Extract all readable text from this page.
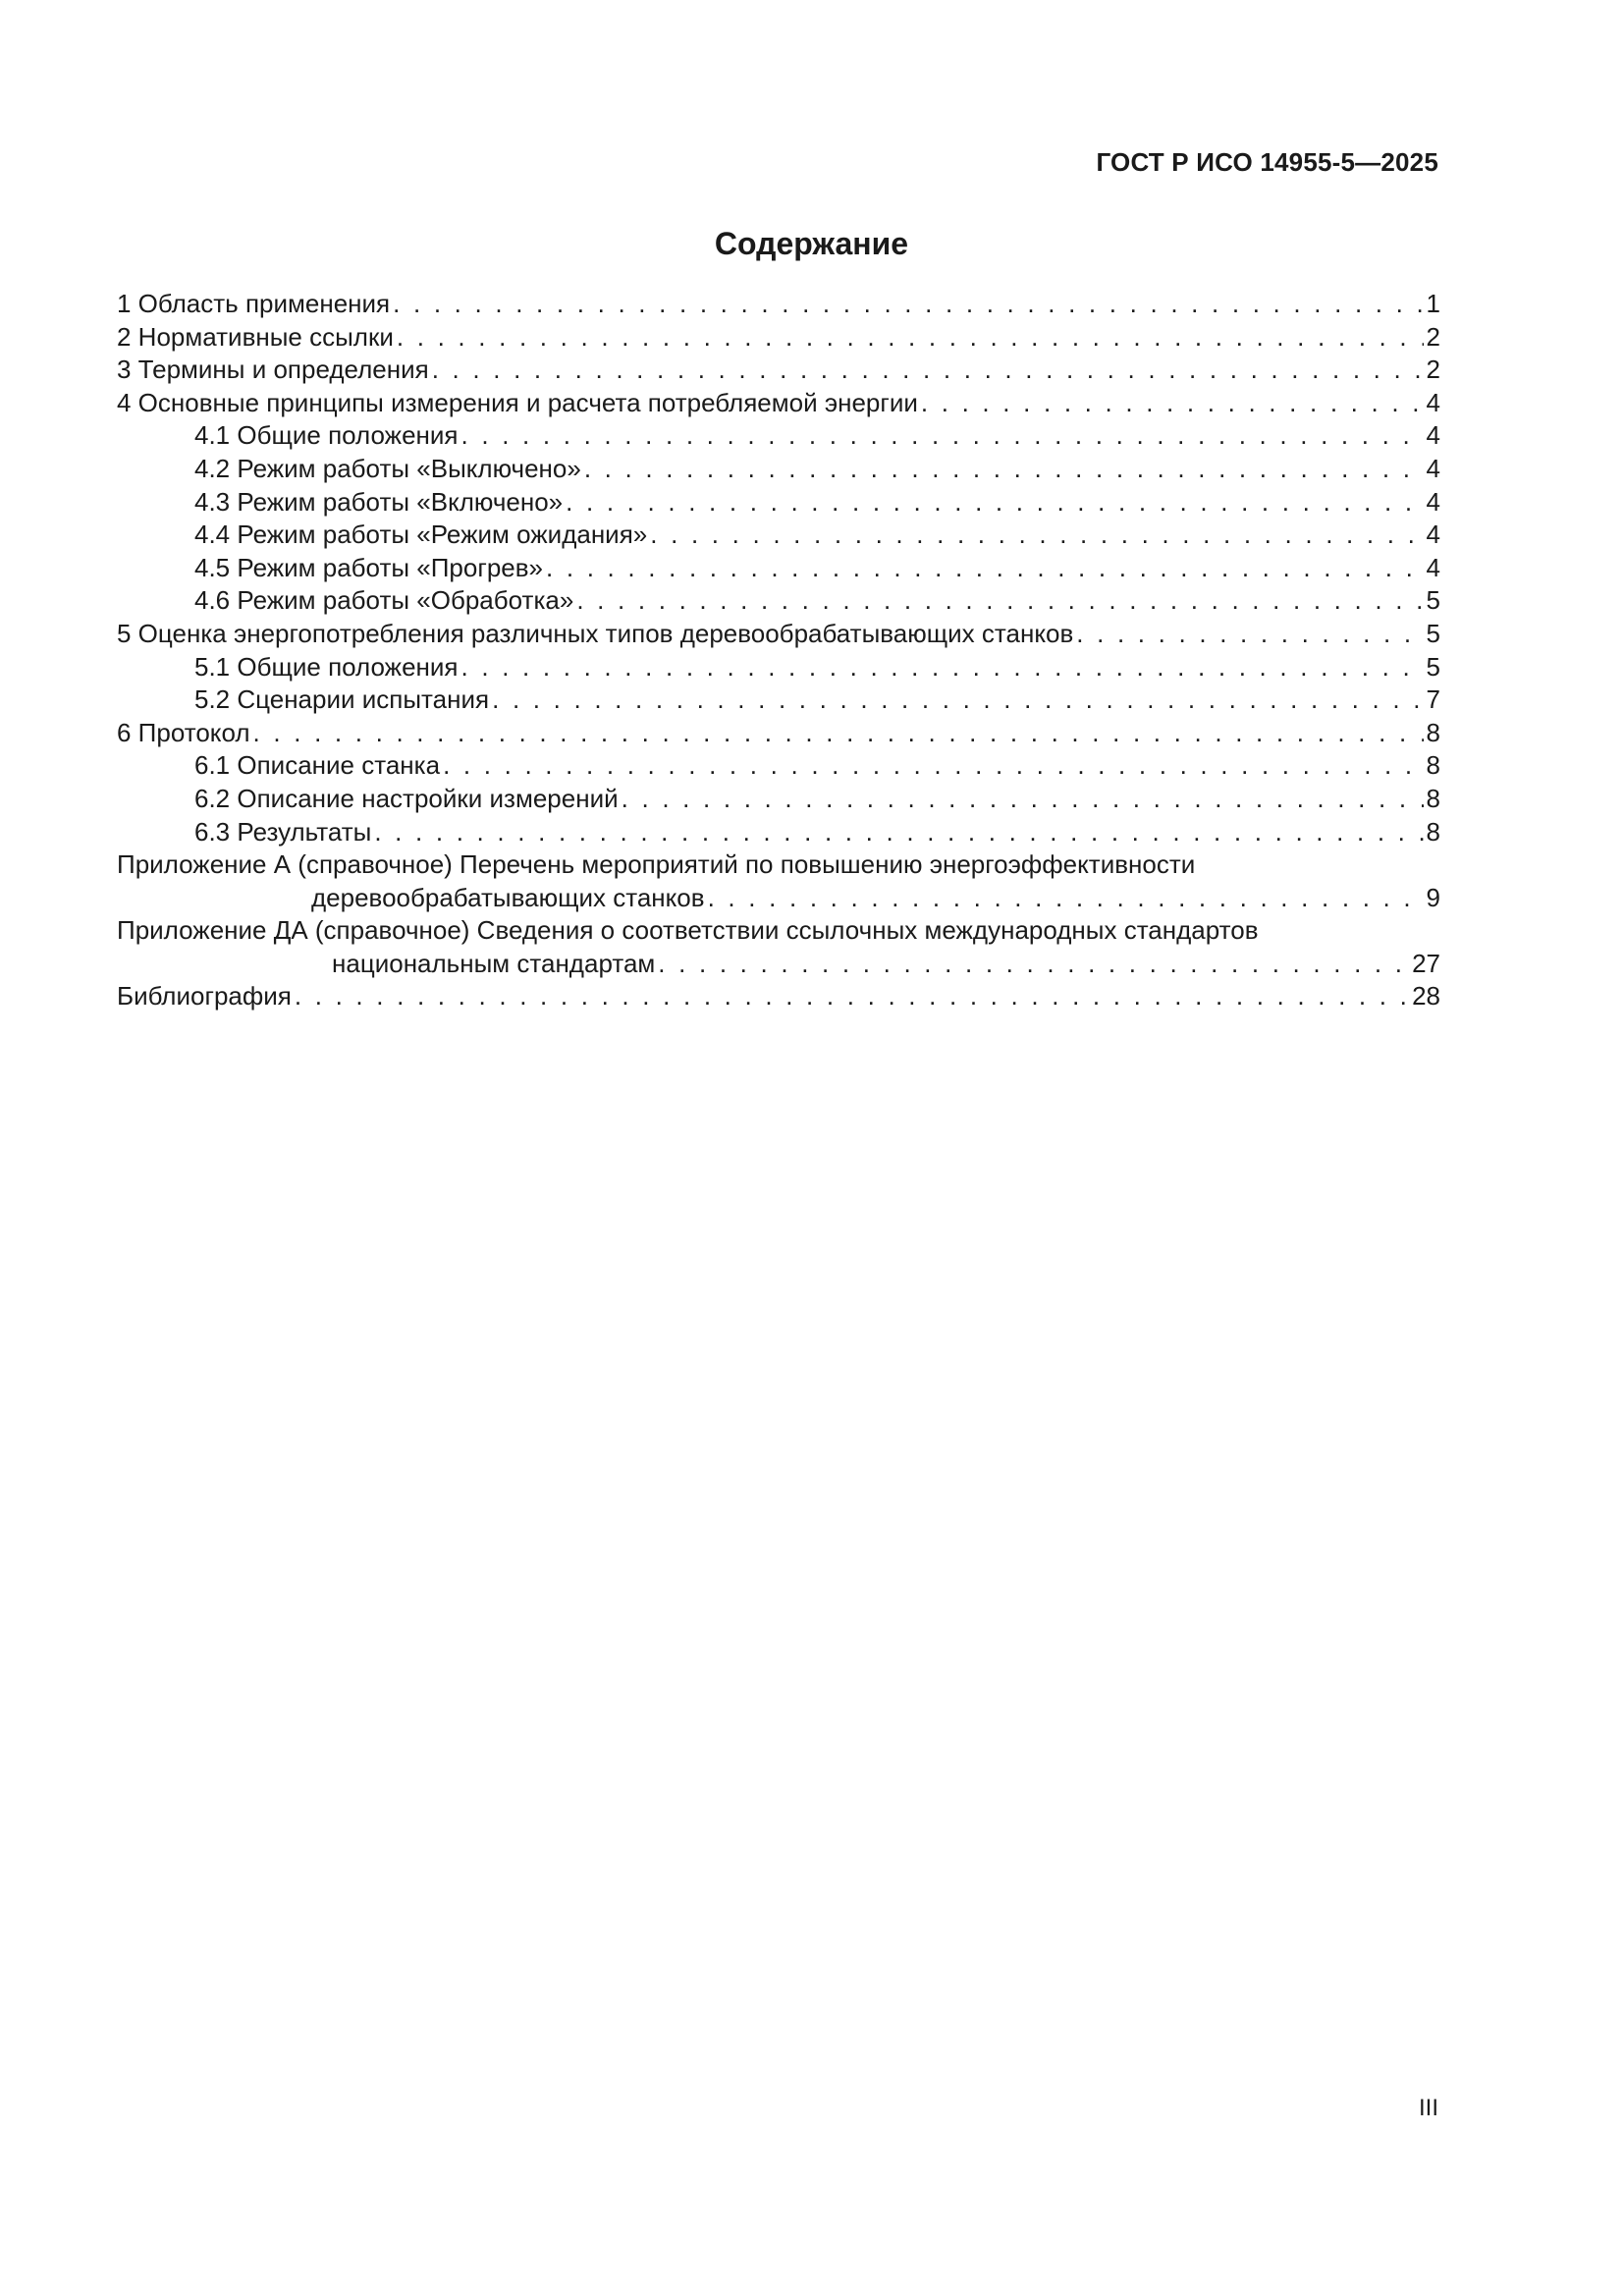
ГОСТ Р ИСО 14955-5—2025
Содержание
1 Область применения . . .	1
2 Нормативные ссылки . . .	2
3 Термины и определения . . .	2
4 Основные принципы измерения и расчета потребляемой энергии . . .	4
4.1 Общие положения . . .	4
4.2 Режим работы «Выключено» . . .	4
4.3 Режим работы «Включено» . . .	4
4.4 Режим работы «Режим ожидания» . . .	4
4.5 Режим работы «Прогрев» . . .	4
4.6 Режим работы «Обработка» . . .	5
5 Оценка энергопотребления различных типов деревообрабатывающих станков . . .	5
5.1 Общие положения . . .	5
5.2 Сценарии испытания . . .	7
6 Протокол . . .	8
6.1 Описание станка . . .	8
6.2 Описание настройки измерений . . .	8
6.3 Результаты . . .	8
Приложение А (справочное) Перечень мероприятий по повышению энергоэффективности
деревообрабатывающих станков . . .	9
Приложение ДА (справочное) Сведения о соответствии ссылочных международных стандартов
национальным стандартам . . .	27
Библиография . . .	28
III
